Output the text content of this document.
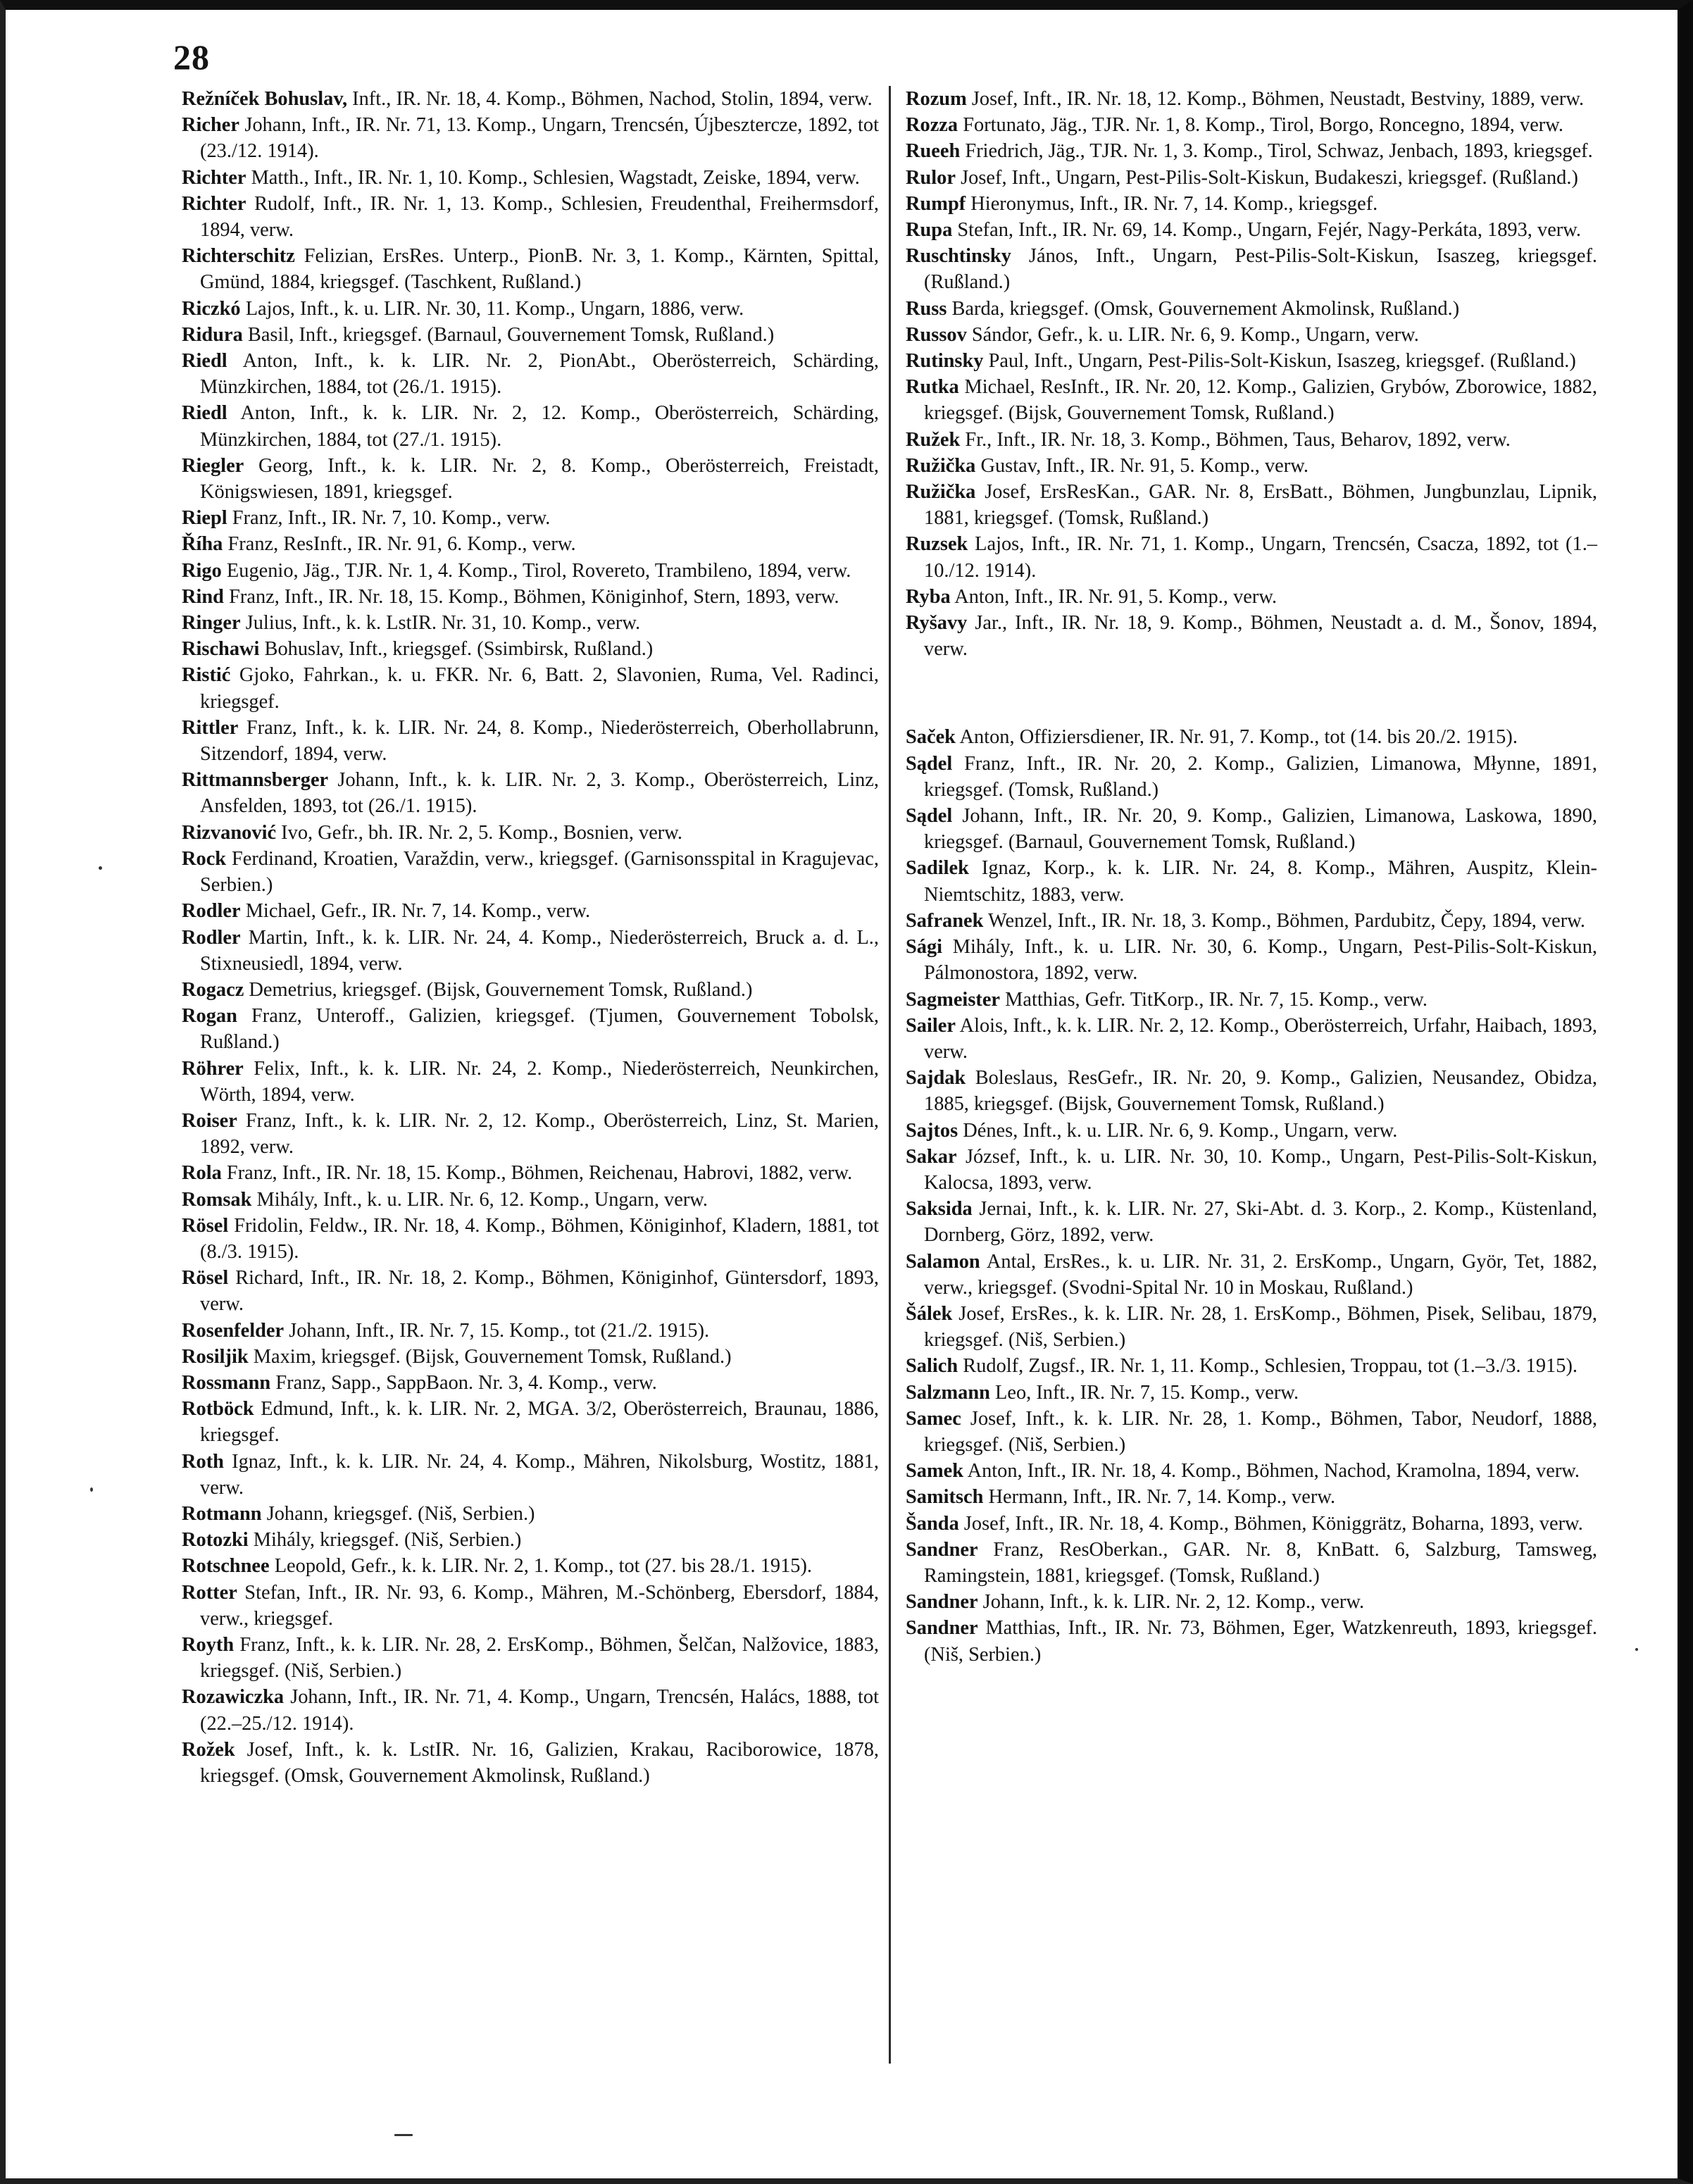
28
Režníček Bohuslav, Inft., IR. Nr. 18, 4. Komp., Böhmen, Nachod, Stolin, 1894, verw.
Richer Johann, Inft., IR. Nr. 71, 13. Komp., Ungarn, Trencsén, Újbesztercze, 1892, tot (23./12. 1914).
Richter Matth., Inft., IR. Nr. 1, 10. Komp., Schlesien, Wagstadt, Zeiske, 1894, verw.
Richter Rudolf, Inft., IR. Nr. 1, 13. Komp., Schlesien, Freudenthal, Freihermsdorf, 1894, verw.
Richterschitz Felizian, ErsRes. Unterp., PionB. Nr. 3, 1. Komp., Kärnten, Spittal, Gmünd, 1884, kriegsgef. (Taschkent, Rußland.)
Riczkó Lajos, Inft., k. u. LIR. Nr. 30, 11. Komp., Ungarn, 1886, verw.
Ridura Basil, Inft., kriegsgef. (Barnaul, Gouvernement Tomsk, Rußland.)
Riedl Anton, Inft., k. k. LIR. Nr. 2, PionAbt., Oberösterreich, Schärding, Münzkirchen, 1884, tot (26./1. 1915).
Riedl Anton, Inft., k. k. LIR. Nr. 2, 12. Komp., Oberösterreich, Schärding, Münzkirchen, 1884, tot (27./1. 1915).
Riegler Georg, Inft., k. k. LIR. Nr. 2, 8. Komp., Oberösterreich, Freistadt, Königswiesen, 1891, kriegsgef.
Riepl Franz, Inft., IR. Nr. 7, 10. Komp., verw.
Říha Franz, ResInft., IR. Nr. 91, 6. Komp., verw.
Rigo Eugenio, Jäg., TJR. Nr. 1, 4. Komp., Tirol, Rovereto, Trambileno, 1894, verw.
Rind Franz, Inft., IR. Nr. 18, 15. Komp., Böhmen, Königinhof, Stern, 1893, verw.
Ringer Julius, Inft., k. k. LstIR. Nr. 31, 10. Komp., verw.
Rischawi Bohuslav, Inft., kriegsgef. (Ssimbirsk, Rußland.)
Ristić Gjoko, Fahrkan., k. u. FKR. Nr. 6, Batt. 2, Slavonien, Ruma, Vel. Radinci, kriegsgef.
Rittler Franz, Inft., k. k. LIR. Nr. 24, 8. Komp., Niederösterreich, Oberhollabrunn, Sitzendorf, 1894, verw.
Rittmannsberger Johann, Inft., k. k. LIR. Nr. 2, 3. Komp., Oberösterreich, Linz, Ansfelden, 1893, tot (26./1. 1915).
Rizvanović Ivo, Gefr., bh. IR. Nr. 2, 5. Komp., Bosnien, verw.
Rock Ferdinand, Kroatien, Varaždin, verw., kriegsgef. (Garnisonsspital in Kragujevac, Serbien.)
Rodler Michael, Gefr., IR. Nr. 7, 14. Komp., verw.
Rodler Martin, Inft., k. k. LIR. Nr. 24, 4. Komp., Niederösterreich, Bruck a. d. L., Stixneusiedl, 1894, verw.
Rogacz Demetrius, kriegsgef. (Bijsk, Gouvernement Tomsk, Rußland.)
Rogan Franz, Unteroff., Galizien, kriegsgef. (Tjumen, Gouvernement Tobolsk, Rußland.)
Röhrer Felix, Inft., k. k. LIR. Nr. 24, 2. Komp., Niederösterreich, Neunkirchen, Wörth, 1894, verw.
Roiser Franz, Inft., k. k. LIR. Nr. 2, 12. Komp., Oberösterreich, Linz, St. Marien, 1892, verw.
Rola Franz, Inft., IR. Nr. 18, 15. Komp., Böhmen, Reichenau, Habrovi, 1882, verw.
Romsak Mihály, Inft., k. u. LIR. Nr. 6, 12. Komp., Ungarn, verw.
Rösel Fridolin, Feldw., IR. Nr. 18, 4. Komp., Böhmen, Königinhof, Kladern, 1881, tot (8./3. 1915).
Rösel Richard, Inft., IR. Nr. 18, 2. Komp., Böhmen, Königinhof, Güntersdorf, 1893, verw.
Rosenfelder Johann, Inft., IR. Nr. 7, 15. Komp., tot (21./2. 1915).
Rosiljik Maxim, kriegsgef. (Bijsk, Gouvernement Tomsk, Rußland.)
Rossmann Franz, Sapp., SappBaon. Nr. 3, 4. Komp., verw.
Rotböck Edmund, Inft., k. k. LIR. Nr. 2, MGA. 3/2, Oberösterreich, Braunau, 1886, kriegsgef.
Roth Ignaz, Inft., k. k. LIR. Nr. 24, 4. Komp., Mähren, Nikolsburg, Wostitz, 1881, verw.
Rotmann Johann, kriegsgef. (Niš, Serbien.)
Rotozki Mihály, kriegsgef. (Niš, Serbien.)
Rotschnee Leopold, Gefr., k. k. LIR. Nr. 2, 1. Komp., tot (27. bis 28./1. 1915).
Rotter Stefan, Inft., IR. Nr. 93, 6. Komp., Mähren, M.-Schönberg, Ebersdorf, 1884, verw., kriegsgef.
Royth Franz, Inft., k. k. LIR. Nr. 28, 2. ErsKomp., Böhmen, Šelčan, Nalžovice, 1883, kriegsgef. (Niš, Serbien.)
Rozawiczka Johann, Inft., IR. Nr. 71, 4. Komp., Ungarn, Trencsén, Halács, 1888, tot (22.–25./12. 1914).
Rožek Josef, Inft., k. k. LstIR. Nr. 16, Galizien, Krakau, Raciborowice, 1878, kriegsgef. (Omsk, Gouvernement Akmolinsk, Rußland.)
Rozum Josef, Inft., IR. Nr. 18, 12. Komp., Böhmen, Neustadt, Bestviny, 1889, verw.
Rozza Fortunato, Jäg., TJR. Nr. 1, 8. Komp., Tirol, Borgo, Roncegno, 1894, verw.
Rueeh Friedrich, Jäg., TJR. Nr. 1, 3. Komp., Tirol, Schwaz, Jenbach, 1893, kriegsgef.
Rulor Josef, Inft., Ungarn, Pest-Pilis-Solt-Kiskun, Budakeszi, kriegsgef. (Rußland.)
Rumpf Hieronymus, Inft., IR. Nr. 7, 14. Komp., kriegsgef.
Rupa Stefan, Inft., IR. Nr. 69, 14. Komp., Ungarn, Fejér, Nagy-Perkáta, 1893, verw.
Ruschtinsky János, Inft., Ungarn, Pest-Pilis-Solt-Kiskun, Isaszeg, kriegsgef. (Rußland.)
Russ Barda, kriegsgef. (Omsk, Gouvernement Akmolinsk, Rußland.)
Russov Sándor, Gefr., k. u. LIR. Nr. 6, 9. Komp., Ungarn, verw.
Rutinsky Paul, Inft., Ungarn, Pest-Pilis-Solt-Kiskun, Isaszeg, kriegsgef. (Rußland.)
Rutka Michael, ResInft., IR. Nr. 20, 12. Komp., Galizien, Grybów, Zborowice, 1882, kriegsgef. (Bijsk, Gouvernement Tomsk, Rußland.)
Ružek Fr., Inft., IR. Nr. 18, 3. Komp., Böhmen, Taus, Beharov, 1892, verw.
Ružička Gustav, Inft., IR. Nr. 91, 5. Komp., verw.
Ružička Josef, ErsResKan., GAR. Nr. 8, ErsBatt., Böhmen, Jungbunzlau, Lipnik, 1881, kriegsgef. (Tomsk, Rußland.)
Ruzsek Lajos, Inft., IR. Nr. 71, 1. Komp., Ungarn, Trencsén, Csacza, 1892, tot (1.–10./12. 1914).
Ryba Anton, Inft., IR. Nr. 91, 5. Komp., verw.
Ryšavy Jar., Inft., IR. Nr. 18, 9. Komp., Böhmen, Neustadt a. d. M., Šonov, 1894, verw.
Saček Anton, Offiziersdiener, IR. Nr. 91, 7. Komp., tot (14. bis 20./2. 1915).
Sądel Franz, Inft., IR. Nr. 20, 2. Komp., Galizien, Limanowa, Młynne, 1891, kriegsgef. (Tomsk, Rußland.)
Sądel Johann, Inft., IR. Nr. 20, 9. Komp., Galizien, Limanowa, Laskowa, 1890, kriegsgef. (Barnaul, Gouvernement Tomsk, Rußland.)
Sadilek Ignaz, Korp., k. k. LIR. Nr. 24, 8. Komp., Mähren, Auspitz, Klein-Niemtschitz, 1883, verw.
Safranek Wenzel, Inft., IR. Nr. 18, 3. Komp., Böhmen, Pardubitz, Čepy, 1894, verw.
Sági Mihály, Inft., k. u. LIR. Nr. 30, 6. Komp., Ungarn, Pest-Pilis-Solt-Kiskun, Pálmonostora, 1892, verw.
Sagmeister Matthias, Gefr. TitKorp., IR. Nr. 7, 15. Komp., verw.
Sailer Alois, Inft., k. k. LIR. Nr. 2, 12. Komp., Oberösterreich, Urfahr, Haibach, 1893, verw.
Sajdak Boleslaus, ResGefr., IR. Nr. 20, 9. Komp., Galizien, Neusandez, Obidza, 1885, kriegsgef. (Bijsk, Gouvernement Tomsk, Rußland.)
Sajtos Dénes, Inft., k. u. LIR. Nr. 6, 9. Komp., Ungarn, verw.
Sakar József, Inft., k. u. LIR. Nr. 30, 10. Komp., Ungarn, Pest-Pilis-Solt-Kiskun, Kalocsa, 1893, verw.
Saksida Jernai, Inft., k. k. LIR. Nr. 27, Ski-Abt. d. 3. Korp., 2. Komp., Küstenland, Dornberg, Görz, 1892, verw.
Salamon Antal, ErsRes., k. u. LIR. Nr. 31, 2. ErsKomp., Ungarn, Györ, Tet, 1882, verw., kriegsgef. (Svodni-Spital Nr. 10 in Moskau, Rußland.)
Šálek Josef, ErsRes., k. k. LIR. Nr. 28, 1. ErsKomp., Böhmen, Pisek, Selibau, 1879, kriegsgef. (Niš, Serbien.)
Salich Rudolf, Zugsf., IR. Nr. 1, 11. Komp., Schlesien, Troppau, tot (1.–3./3. 1915).
Salzmann Leo, Inft., IR. Nr. 7, 15. Komp., verw.
Samec Josef, Inft., k. k. LIR. Nr. 28, 1. Komp., Böhmen, Tabor, Neudorf, 1888, kriegsgef. (Niš, Serbien.)
Samek Anton, Inft., IR. Nr. 18, 4. Komp., Böhmen, Nachod, Kramolna, 1894, verw.
Samitsch Hermann, Inft., IR. Nr. 7, 14. Komp., verw.
Šanda Josef, Inft., IR. Nr. 18, 4. Komp., Böhmen, Königgrätz, Boharna, 1893, verw.
Sandner Franz, ResOberkan., GAR. Nr. 8, KnBatt. 6, Salzburg, Tamsweg, Ramingstein, 1881, kriegsgef. (Tomsk, Rußland.)
Sandner Johann, Inft., k. k. LIR. Nr. 2, 12. Komp., verw.
Sandner Matthias, Inft., IR. Nr. 73, Böhmen, Eger, Watzkenreuth, 1893, kriegsgef. (Niš, Serbien.)
